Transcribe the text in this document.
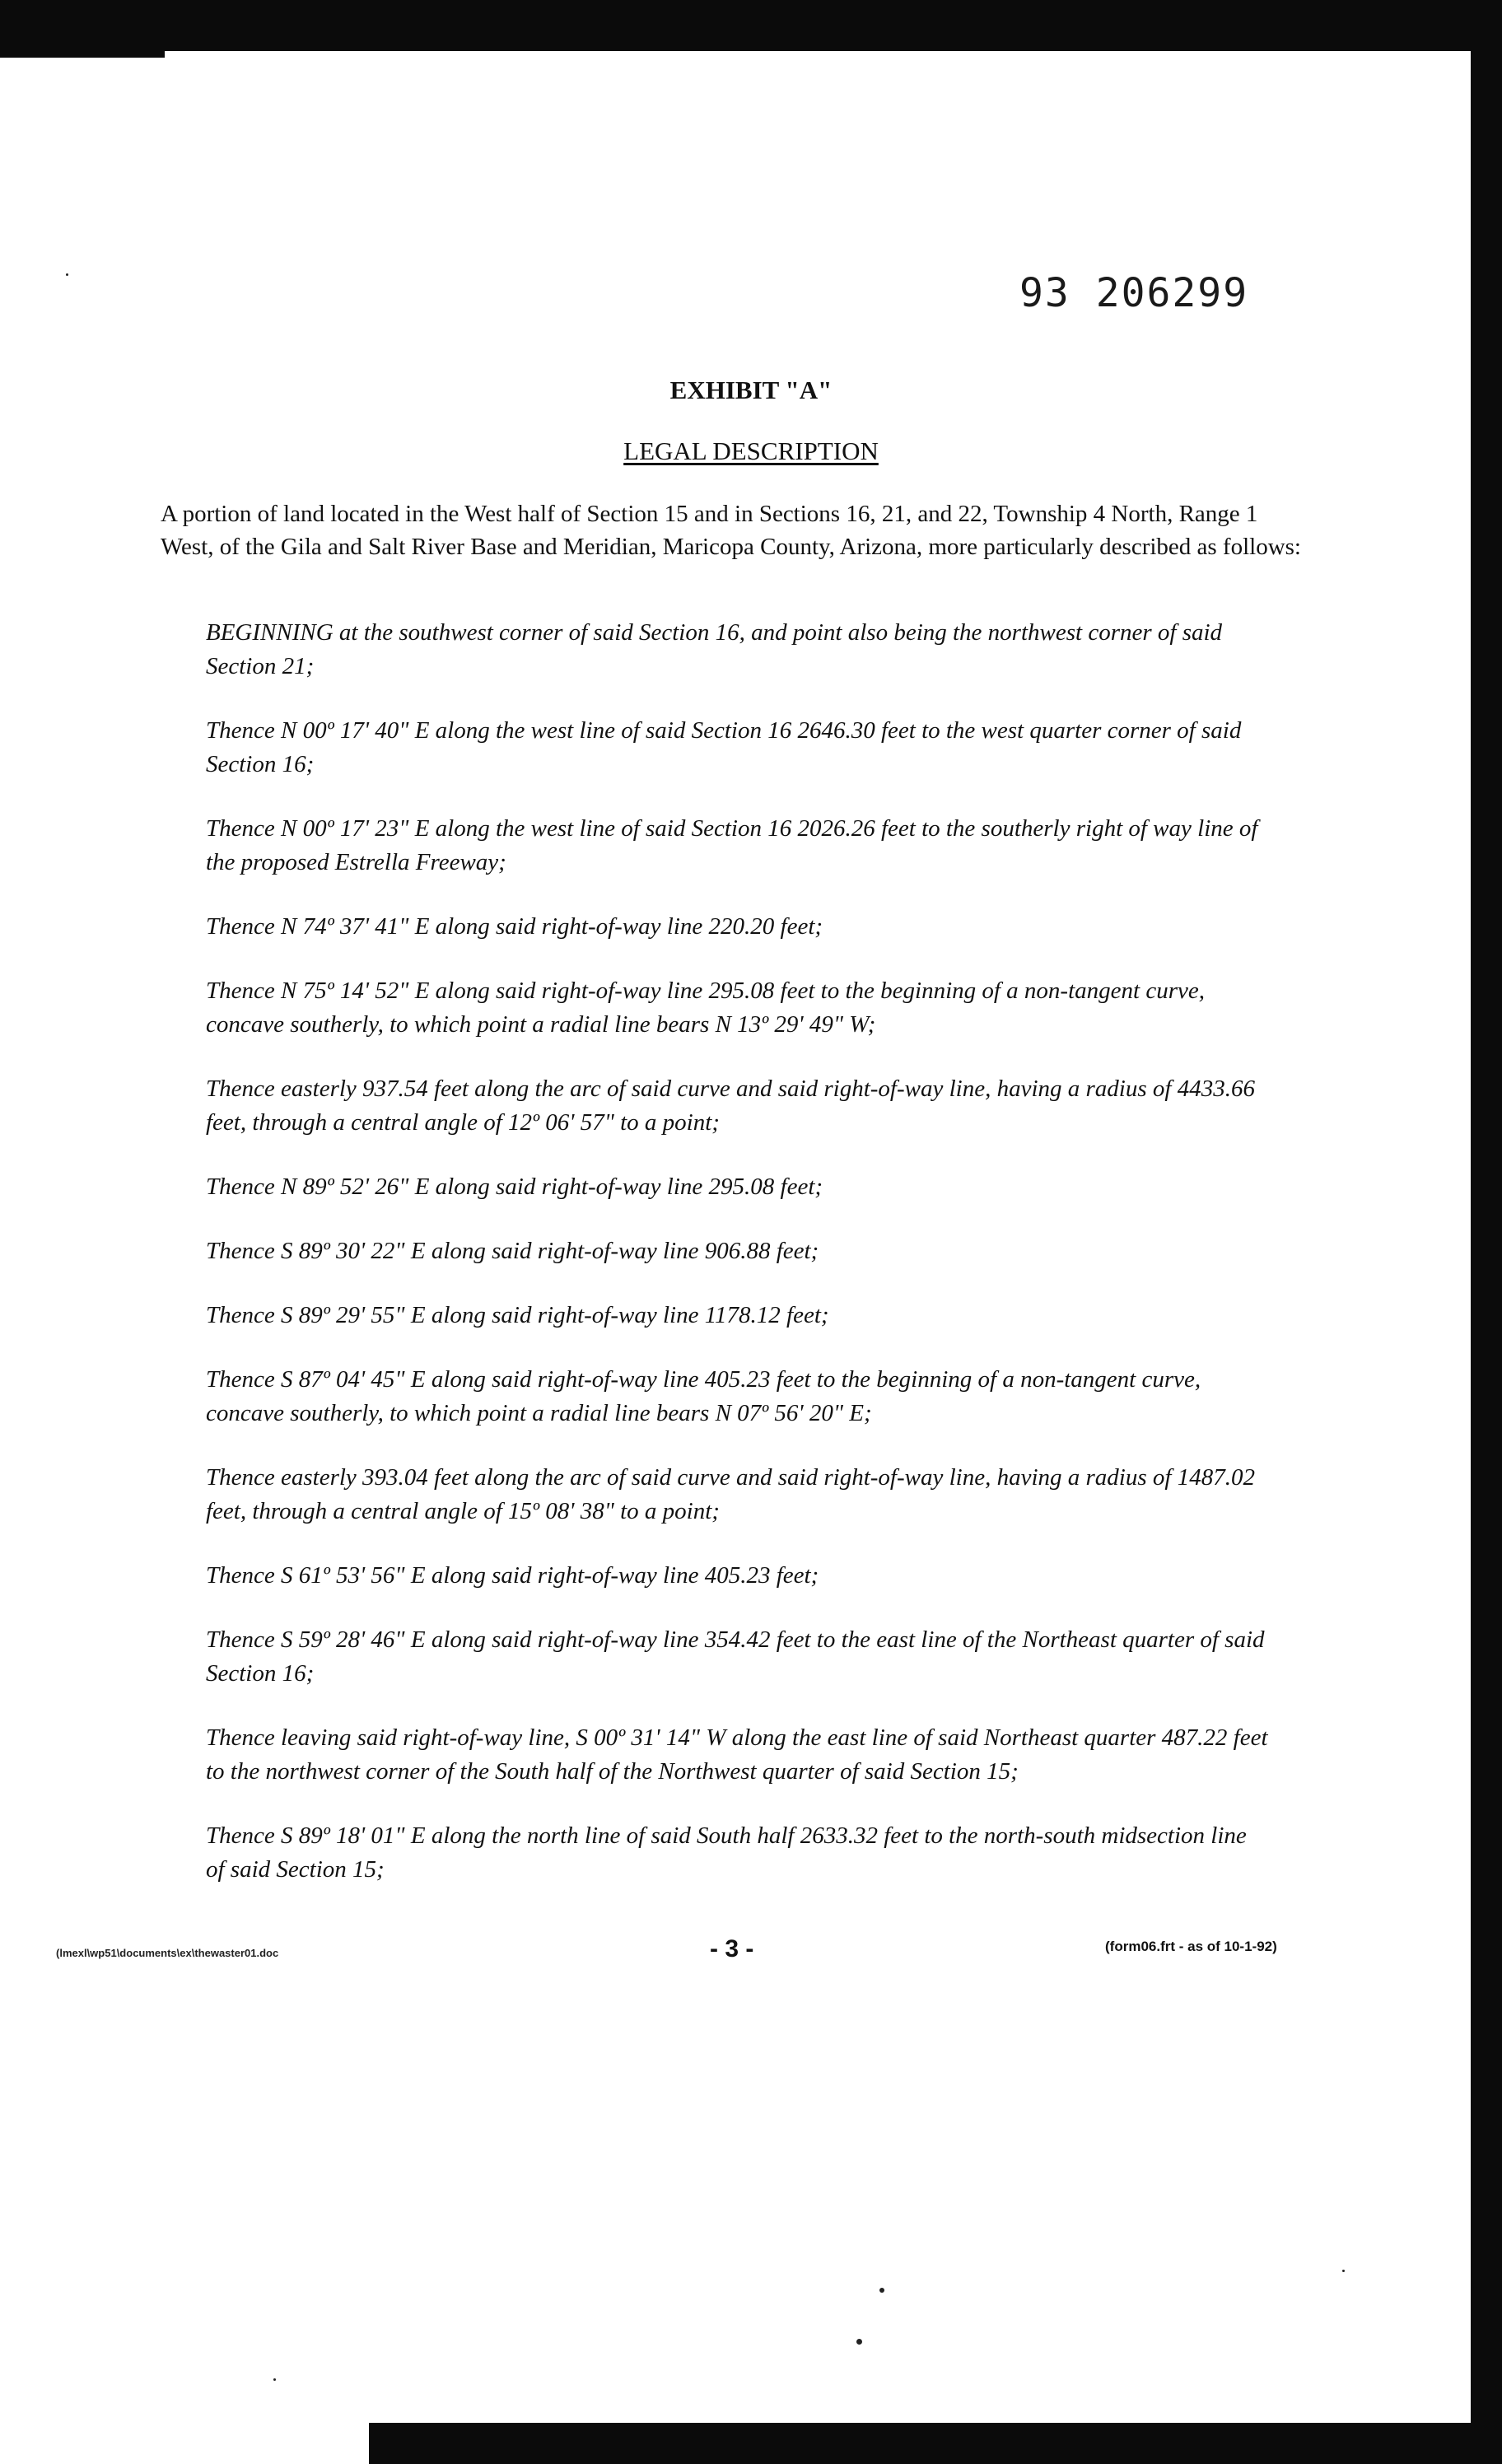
93 206299
EXHIBIT "A"
LEGAL DESCRIPTION
A portion of land located in the West half of Section 15 and in Sections 16, 21, and 22, Township 4 North, Range 1 West, of the Gila and Salt River Base and Meridian, Maricopa County, Arizona, more particularly described as follows:

BEGINNING at the southwest corner of said Section 16, and point also being the northwest corner of said Section 21;

Thence N 00º 17' 40" E along the west line of said Section 16 2646.30 feet to the west quarter corner of said Section 16;

Thence N 00º 17' 23" E along the west line of said Section 16 2026.26 feet to the southerly right of way line of the proposed Estrella Freeway;

Thence N 74º 37' 41" E along said right-of-way line 220.20 feet;

Thence N 75º 14' 52" E along said right-of-way line 295.08 feet to the beginning of a non-tangent curve, concave southerly, to which point a radial line bears N 13º 29' 49" W;

Thence easterly 937.54 feet along the arc of said curve and said right-of-way line, having a radius of 4433.66 feet, through a central angle of 12º 06' 57" to a point;

Thence N 89º 52' 26" E along said right-of-way line 295.08 feet;

Thence S 89º 30' 22" E along said right-of-way line 906.88 feet;

Thence S 89º 29' 55" E along said right-of-way line 1178.12 feet;

Thence S 87º 04' 45" E along said right-of-way line 405.23 feet to the beginning of a non-tangent curve, concave southerly, to which point a radial line bears N 07º 56' 20" E;

Thence easterly 393.04 feet along the arc of said curve and said right-of-way line, having a radius of 1487.02 feet, through a central angle of 15º 08' 38" to a point;

Thence S 61º 53' 56" E along said right-of-way line 405.23 feet;

Thence S 59º 28' 46" E along said right-of-way line 354.42 feet to the east line of the Northeast quarter of said Section 16;

Thence leaving said right-of-way line, S 00º 31' 14" W along the east line of said Northeast quarter 487.22 feet to the northwest corner of the South half of the Northwest quarter of said Section 15;

Thence S 89º 18' 01" E along the north line of said South half 2633.32 feet to the north-south midsection line of said Section 15;

(lmexl\wp51\documents\ex\thewaster01.doc	- 3 -	(form06.frt - as of 10-1-92)
